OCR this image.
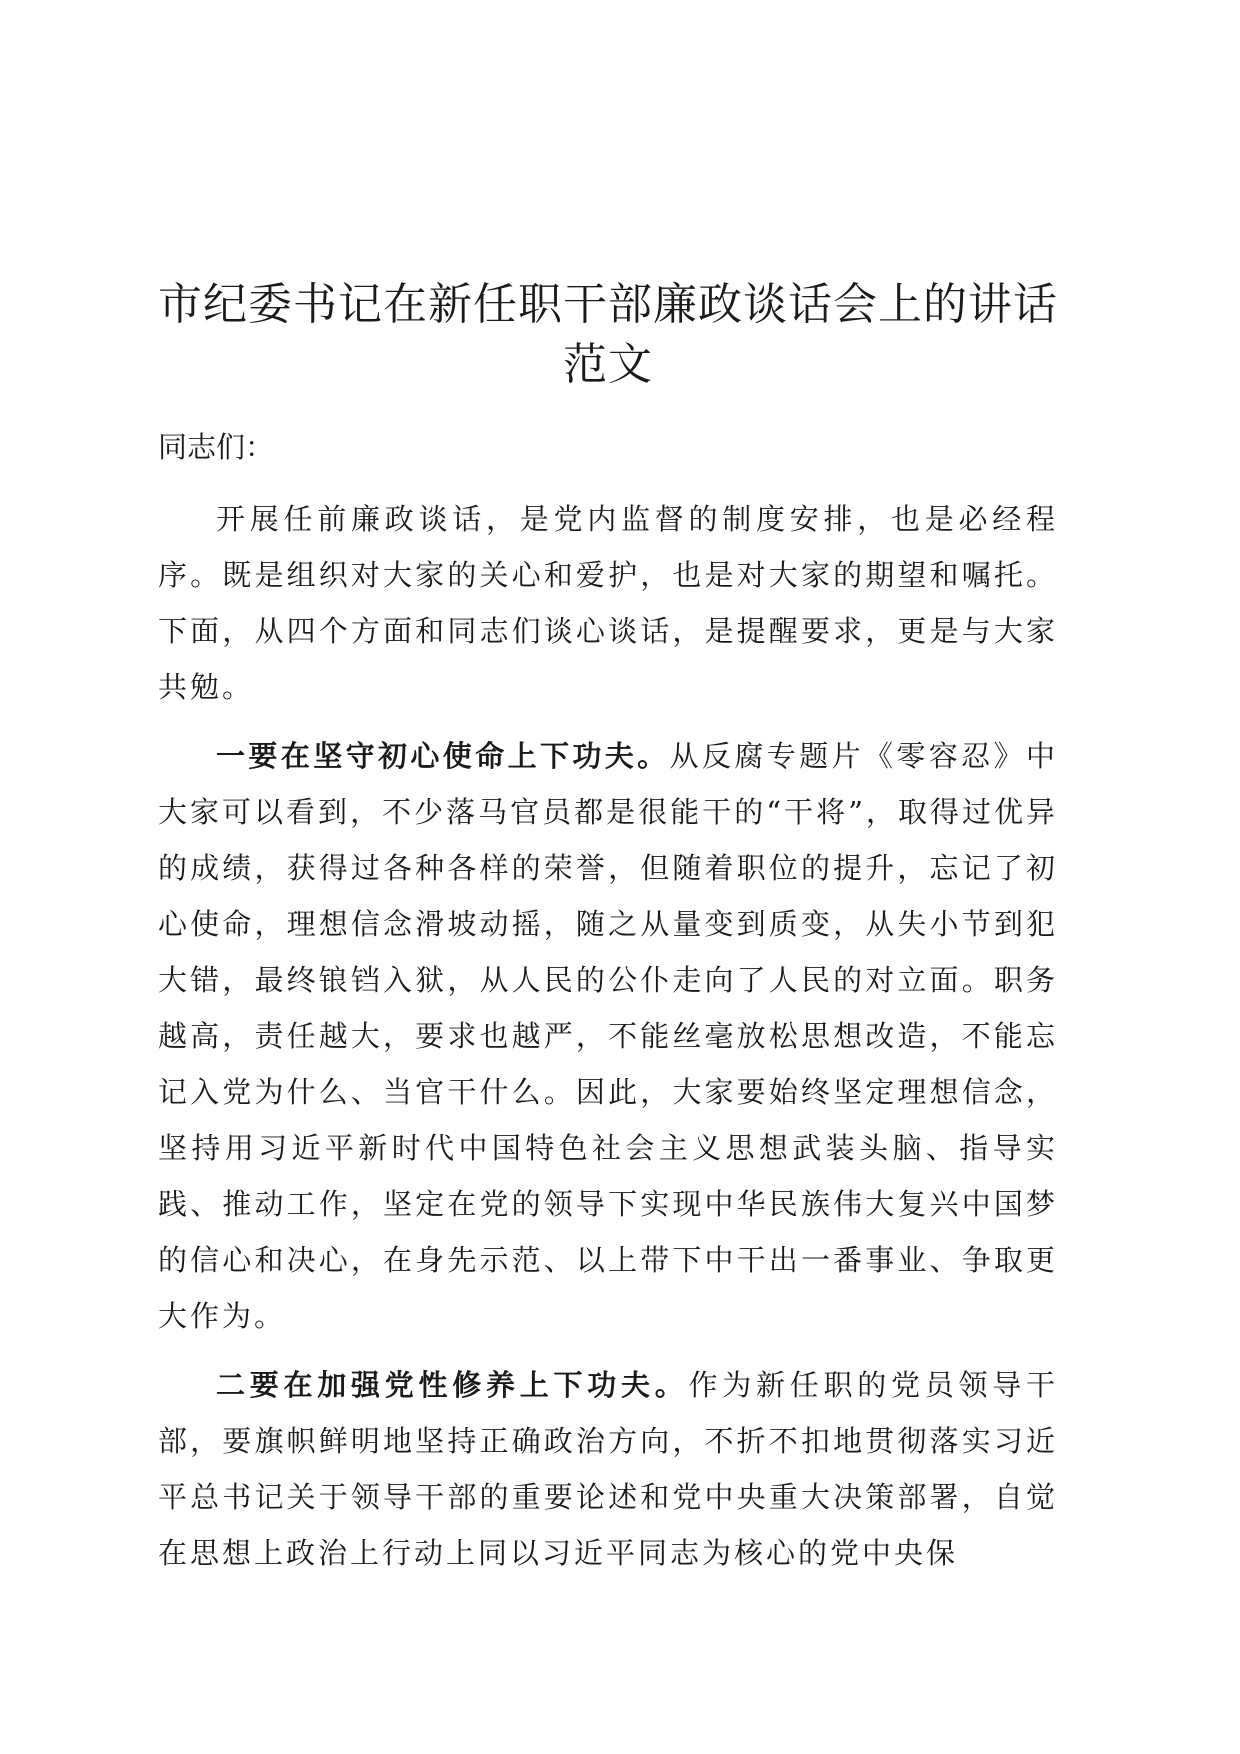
市纪委书记在新任职干部廉政谈话会上的讲话
范文

同志们：

开展任前廉政谈话，是党内监督的制度安排，也是必经程序。既是组织对大家的关心和爱护，也是对大家的期望和嘱托。下面，从四个方面和同志们谈心谈话，是提醒要求，更是与大家共勉。

一要在坚守初心使命上下功夫。从反腐专题片《零容忍》中大家可以看到，不少落马官员都是很能干的“干将”，取得过优异的成绩，获得过各种各样的荣誉，但随着职位的提升，忘记了初心使命，理想信念滑坡动摇，随之从量变到质变，从失小节到犯大错，最终锒铛入狱，从人民的公仆走向了人民的对立面。职务越高，责任越大，要求也越严，不能丝毫放松思想改造，不能忘记入党为什么、当官干什么。因此，大家要始终坚定理想信念，坚持用习近平新时代中国特色社会主义思想武装头脑、指导实践、推动工作，坚定在党的领导下实现中华民族伟大复兴中国梦的信心和决心，在身先示范、以上带下中干出一番事业、争取更大作为。

二要在加强党性修养上下功夫。作为新任职的党员领导干部，要旗帜鲜明地坚持正确政治方向，不折不扣地贯彻落实习近平总书记关于领导干部的重要论述和党中央重大决策部署，自觉在思想上政治上行动上同以习近平同志为核心的党中央保
